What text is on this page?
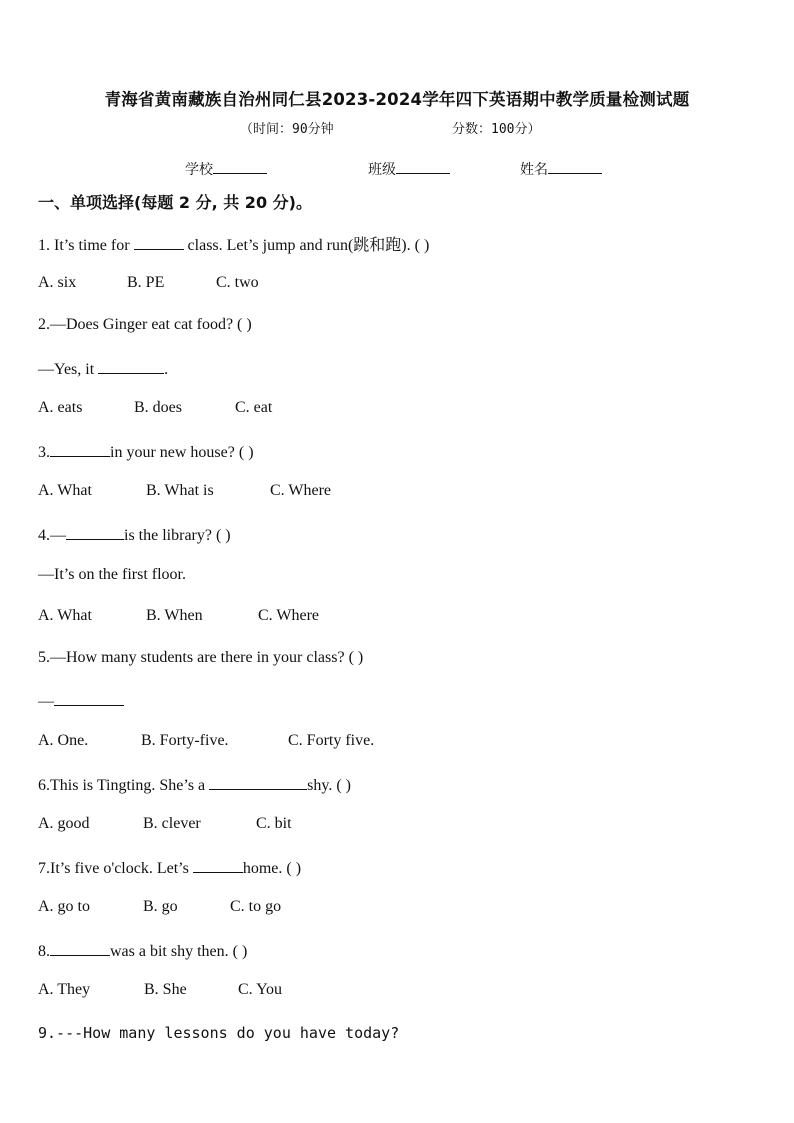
青海省黄南藏族自治州同仁县2023-2024学年四下英语期中教学质量检测试题
（时间：90分钟	分数：100分）
学校	班级	姓名
一、单项选择(每题 2 分, 共 20 分)。
1. It’s time for	class. Let’s jump and run(跳和跑). ( )
A. six	B. PE	C. two
2.—Does Ginger eat cat food? ( )
—Yes, it	.
A. eats	B. does	C. eat
3.	in your new house? ( )
A. What	B. What is	C. Where
4.—	is the library? ( )
—It’s on the first floor.
A. What	B. When	C. Where
5.—How many students are there in your class? ( )
—
A. One.	B. Forty-five.	C. Forty five.
6.This is Tingting. She’s a	shy. ( )
A. good	B. clever	C. bit
7.It’s five o'clock. Let’s	home. ( )
A. go to	B. go	C. to go
8.	was a bit shy then. ( )
A. They	B. She	C. You
9.---How many lessons do you have today?
